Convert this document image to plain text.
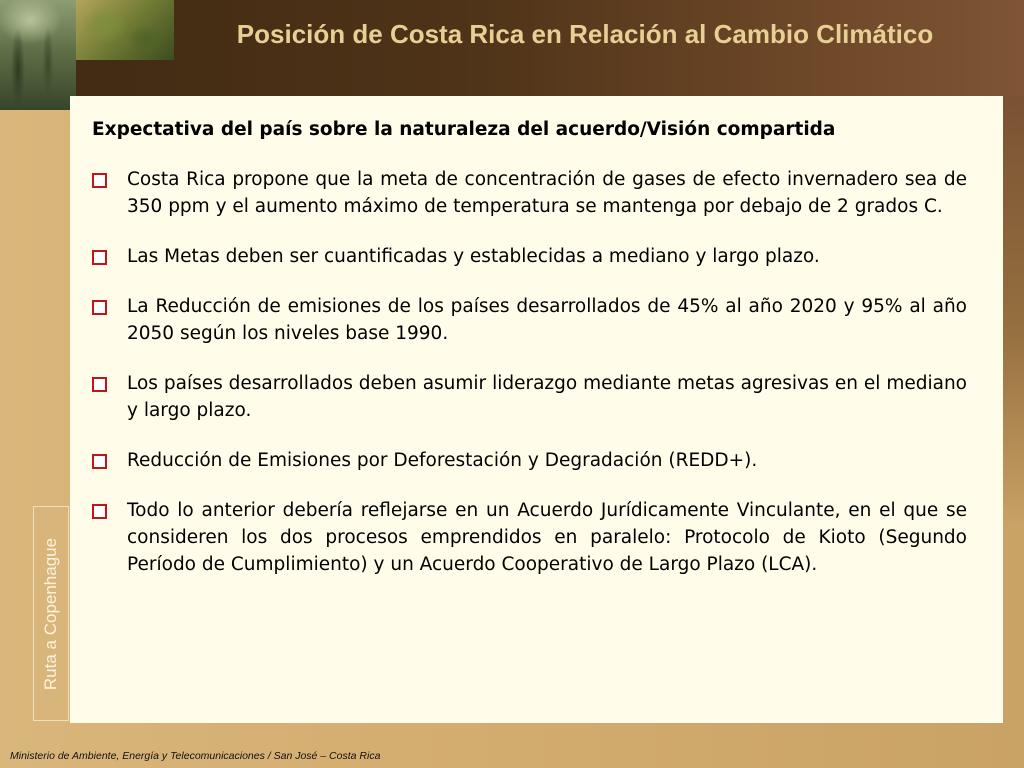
Posición de Costa Rica en Relación al Cambio Climático

Expectativa del país sobre la naturaleza del acuerdo/Visión compartida

Costa Rica propone que la meta de concentración de gases de efecto invernadero sea de 350 ppm y el aumento máximo de temperatura se mantenga por debajo de 2 grados C.
Las Metas deben ser cuantificadas y establecidas a mediano y largo plazo.
La Reducción de emisiones de los países desarrollados de 45% al año 2020 y 95% al año 2050 según los niveles base 1990.
Los países desarrollados deben asumir liderazgo mediante metas agresivas en el mediano y largo plazo.
Reducción de Emisiones por Deforestación y Degradación (REDD+).
Todo lo anterior debería reflejarse en un Acuerdo Jurídicamente Vinculante, en el que se consideren los dos procesos emprendidos en paralelo: Protocolo de Kioto (Segundo Período de Cumplimiento) y un Acuerdo Cooperativo de Largo Plazo (LCA).
Ruta a Copenhague
Ministerio de Ambiente, Energía y Telecomunicaciones / San José – Costa Rica
